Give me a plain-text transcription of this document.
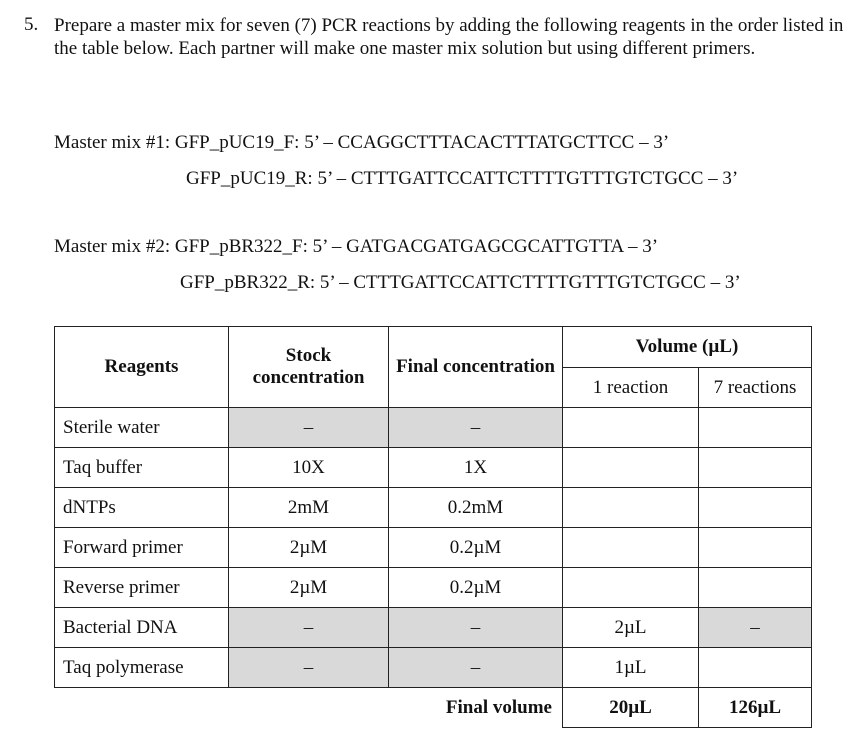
5. Prepare a master mix for seven (7) PCR reactions by adding the following reagents in the order listed in the table below. Each partner will make one master mix solution but using different primers.
Master mix #1: GFP_pUC19_F: 5’ – CCAGGCTTTACACTTTATGCTTCC – 3’
GFP_pUC19_R: 5’ – CTTTGATTCCATTCTTTTGTTTGTCTGCC – 3’
Master mix #2: GFP_pBR322_F: 5’ – GATGACGATGAGCGCATTGTTA – 3’
GFP_pBR322_R: 5’ – CTTTGATTCCATTCTTTTGTTTGTCTGCC – 3’
Reagents	Stock concentration	Final concentration	Volume (µL)	
			1 reaction	7 reactions
Sterile water	–	–		
Taq buffer	10X	1X		
dNTPs	2mM	0.2mM		
Forward primer	2µM	0.2µM		
Reverse primer	2µM	0.2µM		
Bacterial DNA	–	–	2µL	–
Taq polymerase	–	–	1µL	
		Final volume	20µL	126µL
